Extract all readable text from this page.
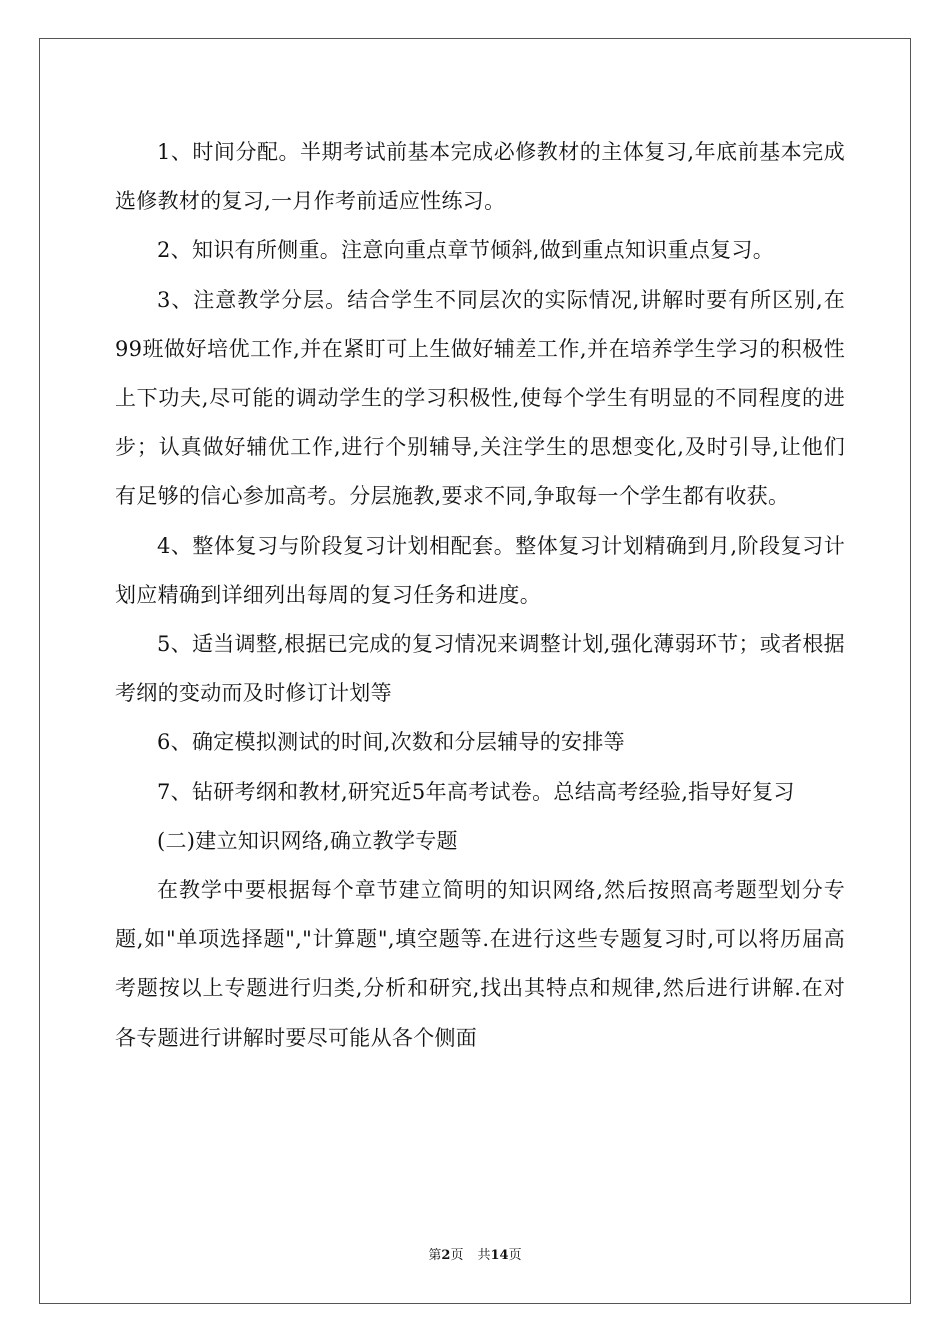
1、时间分配。半期考试前基本完成必修教材的主体复习,年底前基本完成选修教材的复习,一月作考前适应性练习。

2、知识有所侧重。注意向重点章节倾斜,做到重点知识重点复习。

3、注意教学分层。结合学生不同层次的实际情况,讲解时要有所区别,在99班做好培优工作,并在紧盯可上生做好辅差工作,并在培养学生学习的积极性上下功夫,尽可能的调动学生的学习积极性,使每个学生有明显的不同程度的进步；认真做好辅优工作,进行个别辅导,关注学生的思想变化,及时引导,让他们有足够的信心参加高考。分层施教,要求不同,争取每一个学生都有收获。

4、整体复习与阶段复习计划相配套。整体复习计划精确到月,阶段复习计划应精确到详细列出每周的复习任务和进度。

5、适当调整,根据已完成的复习情况来调整计划,强化薄弱环节；或者根据考纲的变动而及时修订计划等

6、确定模拟测试的时间,次数和分层辅导的安排等

7、钻研考纲和教材,研究近5年高考试卷。总结高考经验,指导好复习

(二)建立知识网络,确立教学专题

在教学中要根据每个章节建立简明的知识网络,然后按照高考题型划分专题,如"单项选择题","计算题",填空题等.在进行这些专题复习时,可以将历届高考题按以上专题进行归类,分析和研究,找出其特点和规律,然后进行讲解.在对各专题进行讲解时要尽可能从各个侧面

第2页 共14页
